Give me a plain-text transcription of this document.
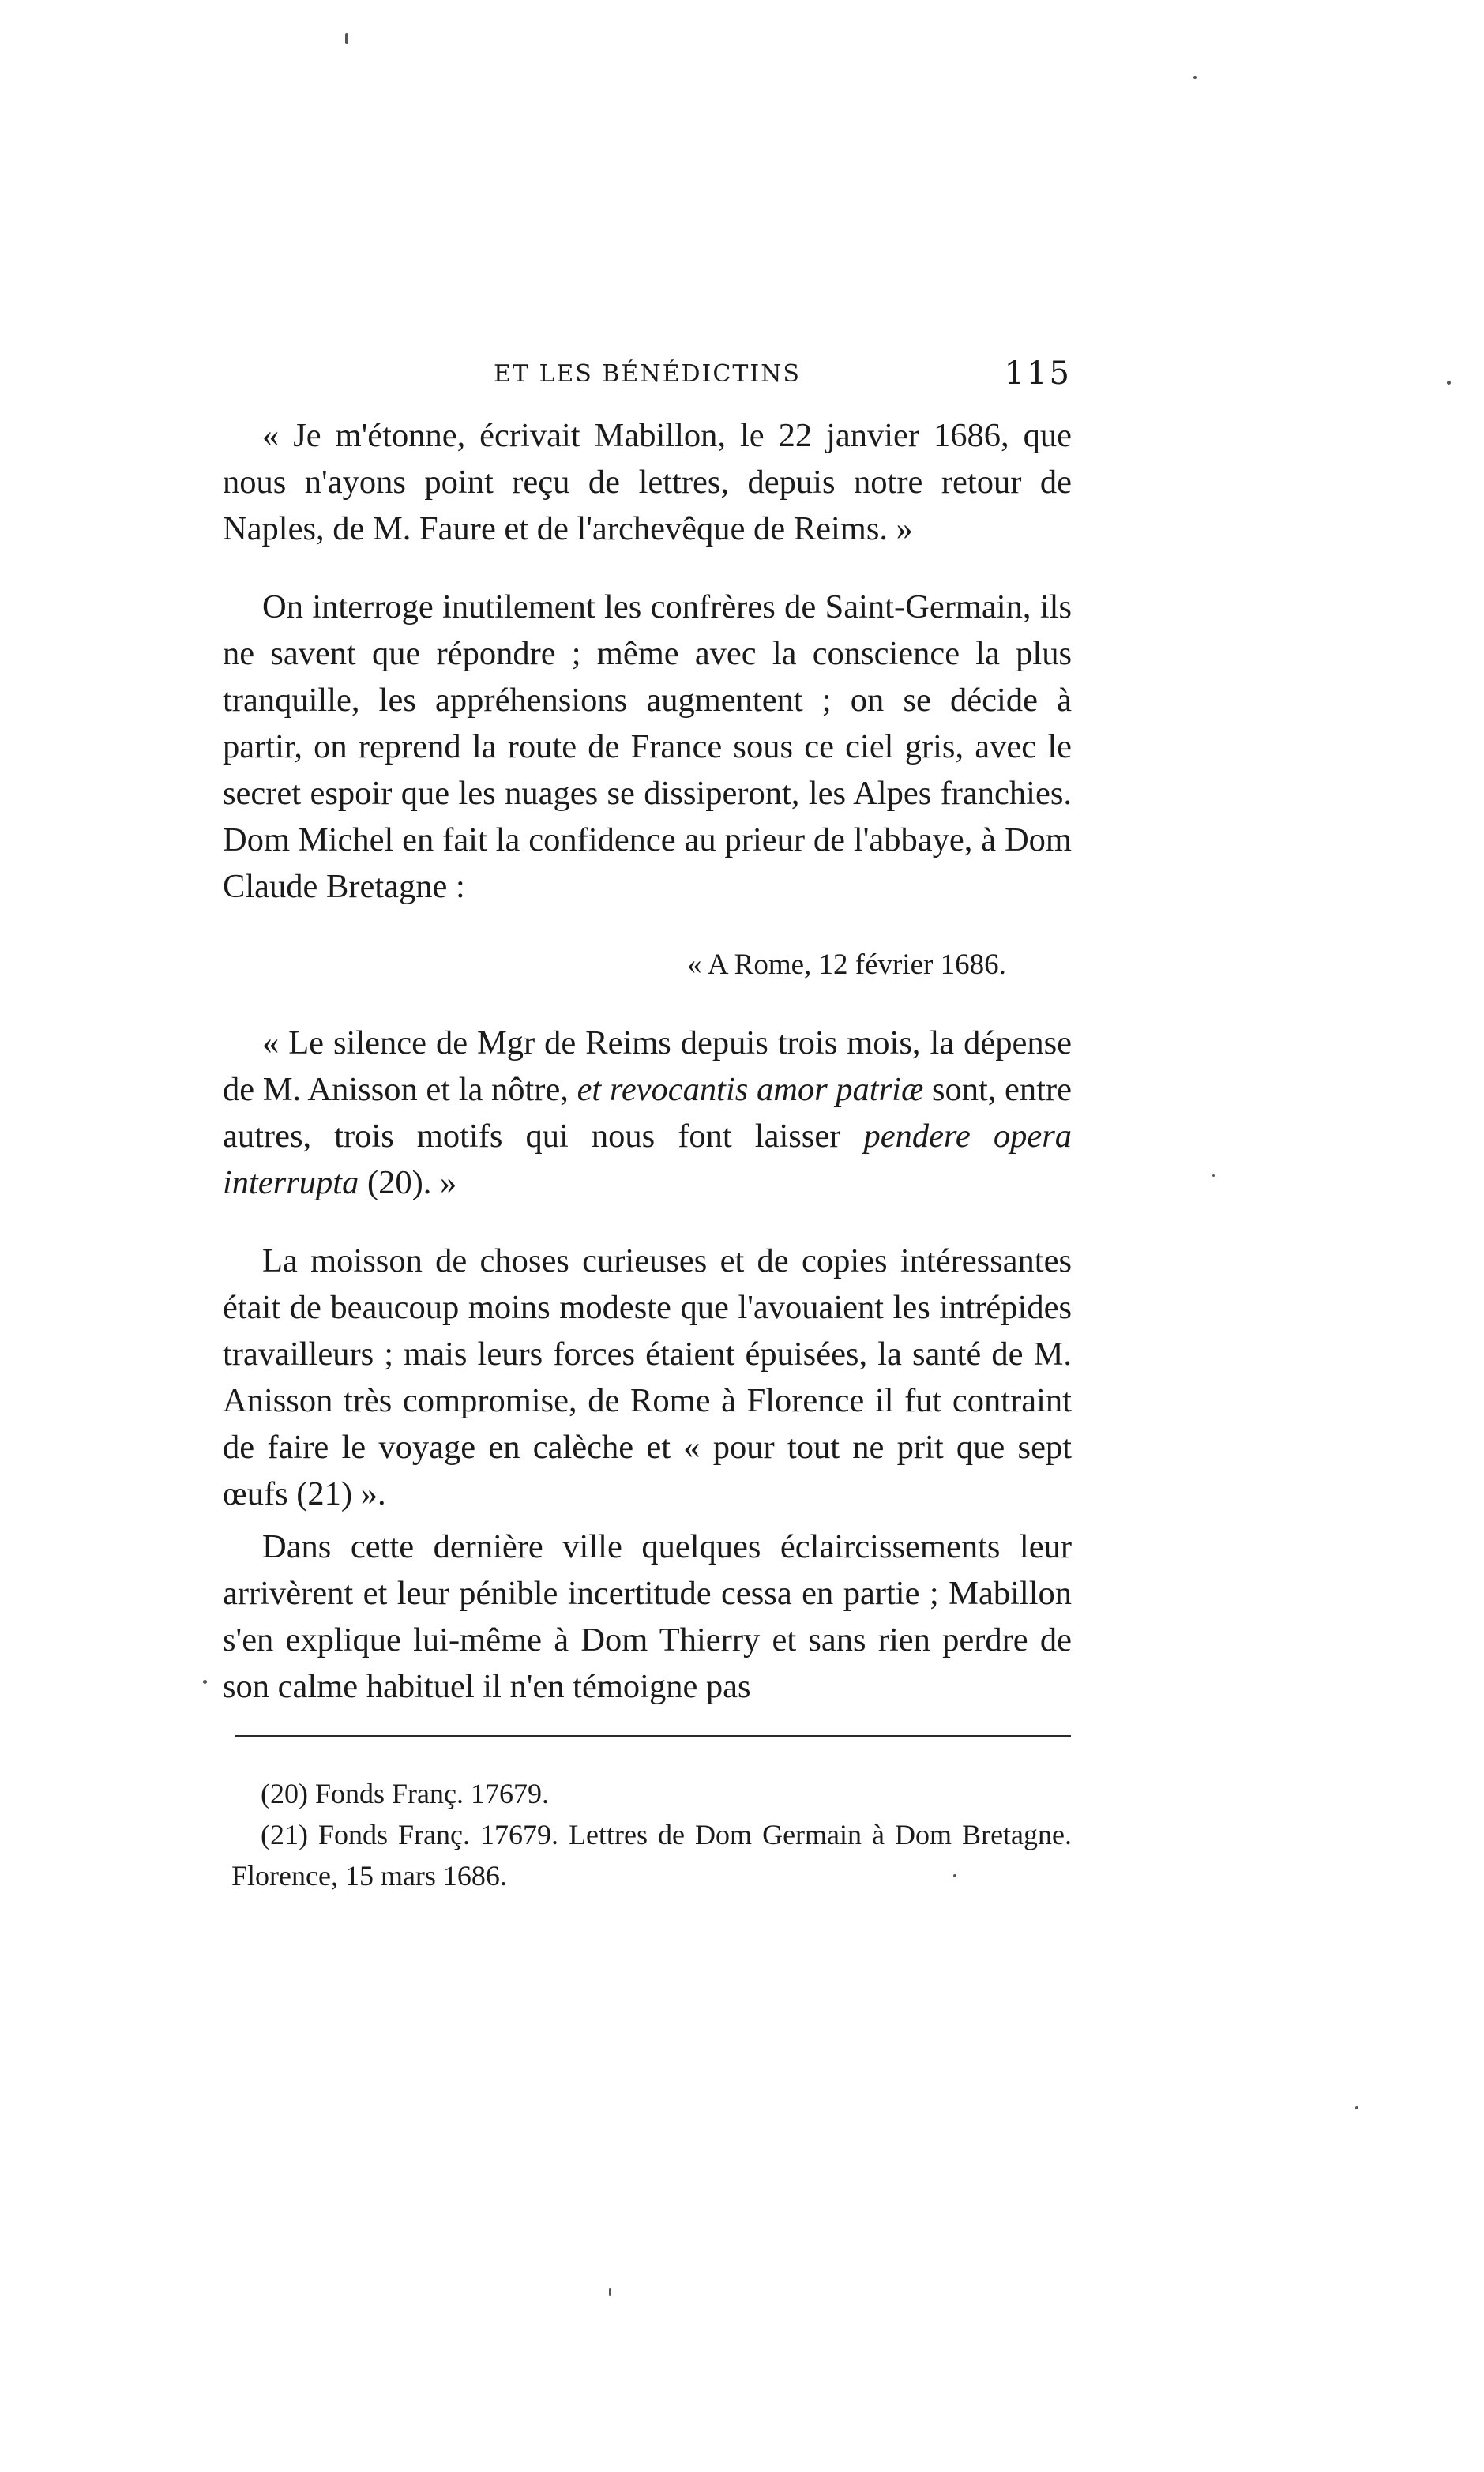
ET LES BÉNÉDICTINS	115

« Je m'étonne, écrivait Mabillon, le 22 janvier 1686, que nous n'ayons point reçu de lettres, depuis notre retour de Naples, de M. Faure et de l'archevêque de Reims. »

On interroge inutilement les confrères de Saint-Germain, ils ne savent que répondre ; même avec la conscience la plus tranquille, les appréhensions augmentent ; on se décide à partir, on reprend la route de France sous ce ciel gris, avec le secret espoir que les nuages se dissiperont, les Alpes franchies. Dom Michel en fait la confidence au prieur de l'abbaye, à Dom Claude Bretagne :

« A Rome, 12 février 1686.

« Le silence de Mgr de Reims depuis trois mois, la dépense de M. Anisson et la nôtre, et revocantis amor patriæ sont, entre autres, trois motifs qui nous font laisser pendere opera interrupta (20). »

La moisson de choses curieuses et de copies intéressantes était de beaucoup moins modeste que l'avouaient les intrépides travailleurs ; mais leurs forces étaient épuisées, la santé de M. Anisson très compromise, de Rome à Florence il fut contraint de faire le voyage en calèche et « pour tout ne prit que sept œufs (21) ».

Dans cette dernière ville quelques éclaircissements leur arrivèrent et leur pénible incertitude cessa en partie ; Mabillon s'en explique lui-même à Dom Thierry et sans rien perdre de son calme habituel il n'en témoigne pas

(20) Fonds Franç. 17679.

(21) Fonds Franç. 17679. Lettres de Dom Germain à Dom Bretagne. Florence, 15 mars 1686.
